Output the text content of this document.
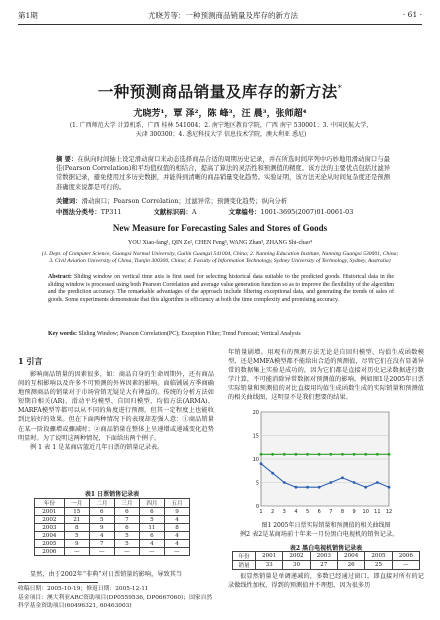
第1期	尤晓芳等：一种预测商品销量及库存的新方法	· 61 ·
一种预测商品销量及库存的新方法*
尤晓芳¹，覃 泽²，陈 峰³，汪 晨³，张师超⁴
(1. 广西师范大学 计算机系，广西 桂林 541004；2. 南宁地区教育学院，广西 南宁 530001；3. 中国民航大学，
天津 300300；4. 悉尼科技大学 信息技术学院，澳大利亚 悉尼)
摘 要：在纵向时间轴上设定滑动窗口来动态选择商品合适的周期历史记录，并在所选时间序列中巧妙地用滑动窗口与最佳(Pearson Correlation)和平均值权值的相结合，提高了算法的灵活性和预测值的精度。该方法的主要优点包括过滤异常数据记录，避免使用过多历史数据，并能得到清晰的商品销量变化趋势。实验证明，该方法无论从时间复杂度还是预测准确度来说都是可行的。
关键词：滑动窗口；Pearson Correlation；过滤异常；预测变化趋势；纵向分析
中图法分类号：TP311	文献标识码：A	文章编号：1001-3695(2007)01-0061-03
New Measure for Forecasting Sales and Stores of Goods
YOU Xiao-fang¹, QIN Ze², CHEN Feng³, WANG Zhan³, ZHANG Shi-chao⁴
(1. Dept. of Computer Science, Guangxi Normal University, Guilin Guangxi 541004, China; 2. Nanning Education Institute, Nanning Guangxi 530001, China; 3. Civil Aviation University of China, Tianjin 300300, China; 4. Faculty of Information Technology, Sydney University of Technology, Sydney, Australia)
Abstract: Sliding window on vertical time axis is first used for selecting historical data suitable to the predicted goods. Historical data in the sliding window is processed using both Pearson Correlation and average value generation function so as to improve the flexibility of the algorithm and the prediction accuracy. The remarkable advantages of the approach include filtering exceptional data, and generating the trends of sales of goods. Some experiments demonstrate that this algorithm is efficiency at both the time complexity and promising accuracy.
Key words: Sliding Window; Pearson Correlation(PC); Exception Filter; Trend Forecast; Vertical Analysis
1 引言
影响商品销量的因素很多，如：商品自身的生命周期外，还有商品间的互相影响以及许多不可预测的外界因素的影响。面临铺展方季商确地预测商品的销量对于市场营销无疑是大有裨益的。传统的分析方法如短期自相关(AR)、滑动平均模型、自回归模型、均值方法(ARMA)、MARFA模型等都可以从不同的角度进行预测，但其一定程度上也能收到比较好的效果。但在下面两种情况下的表现却差强人意：①商品销量在某一阶段骤增或骤减时；②商品销量在整体上呈递增或递减变化趋势明显时。为了说明这两种情况，下面给出两个例子。
例 1 表 1 是某商店篮近几年日票的销量记录表。
表1 日票销售记录表
年份	一月	二月	三月	四月	五月
2001	15	6	6	6	9
2002	21	5	7	5	4
2003	8	9	6	11	8
2004	5	4	5	6	4
2005	9	7	5	4	4
2006	—	—	—	—	—
显然，由于2002年“非典”对日票销量的影响，导致其当
收稿日期：2005-10-19；修返日期：2005-12-11
基金项目：澳大利亚ARC资助项目(DP0559536, DP0667060)；国家自然科学基金资助项目(60496321, 60463003)
年销量剧增。用观有的预测方法无论是自回归模型、均值生成函数模型，还是MMFA模型都不能给出合适的预测值，尽管它们在没有显著异常的数据集上实验是成功的，因为它们都是直接对历史记录数据进行数学计算，不可能消除异常数据对预测值的影响。例如图1是2005年日票实际销量和预测值的对比直接用均值生成函数生成的实际销量和预测值的相关曲线图，这明显不是我们想要的结果。
0
5
10
15
20
1 2 3 4 5 6 7 8 9 10 11 12
图1 2005年日票实际销量和预测值的相关曲线图
例2 表2是某商场前十年来一月份黑白电视机的销售记录。
表2 黑白电视机销售记录表
年份	2001	2002	2003	2004	2005	2006
销量	33	30	27	26	25	—
很显然销量是单调递减的，多数已经通过窗口，即直接对所有的记录做线性加权，得到的预测值并不理想，因为很多历
